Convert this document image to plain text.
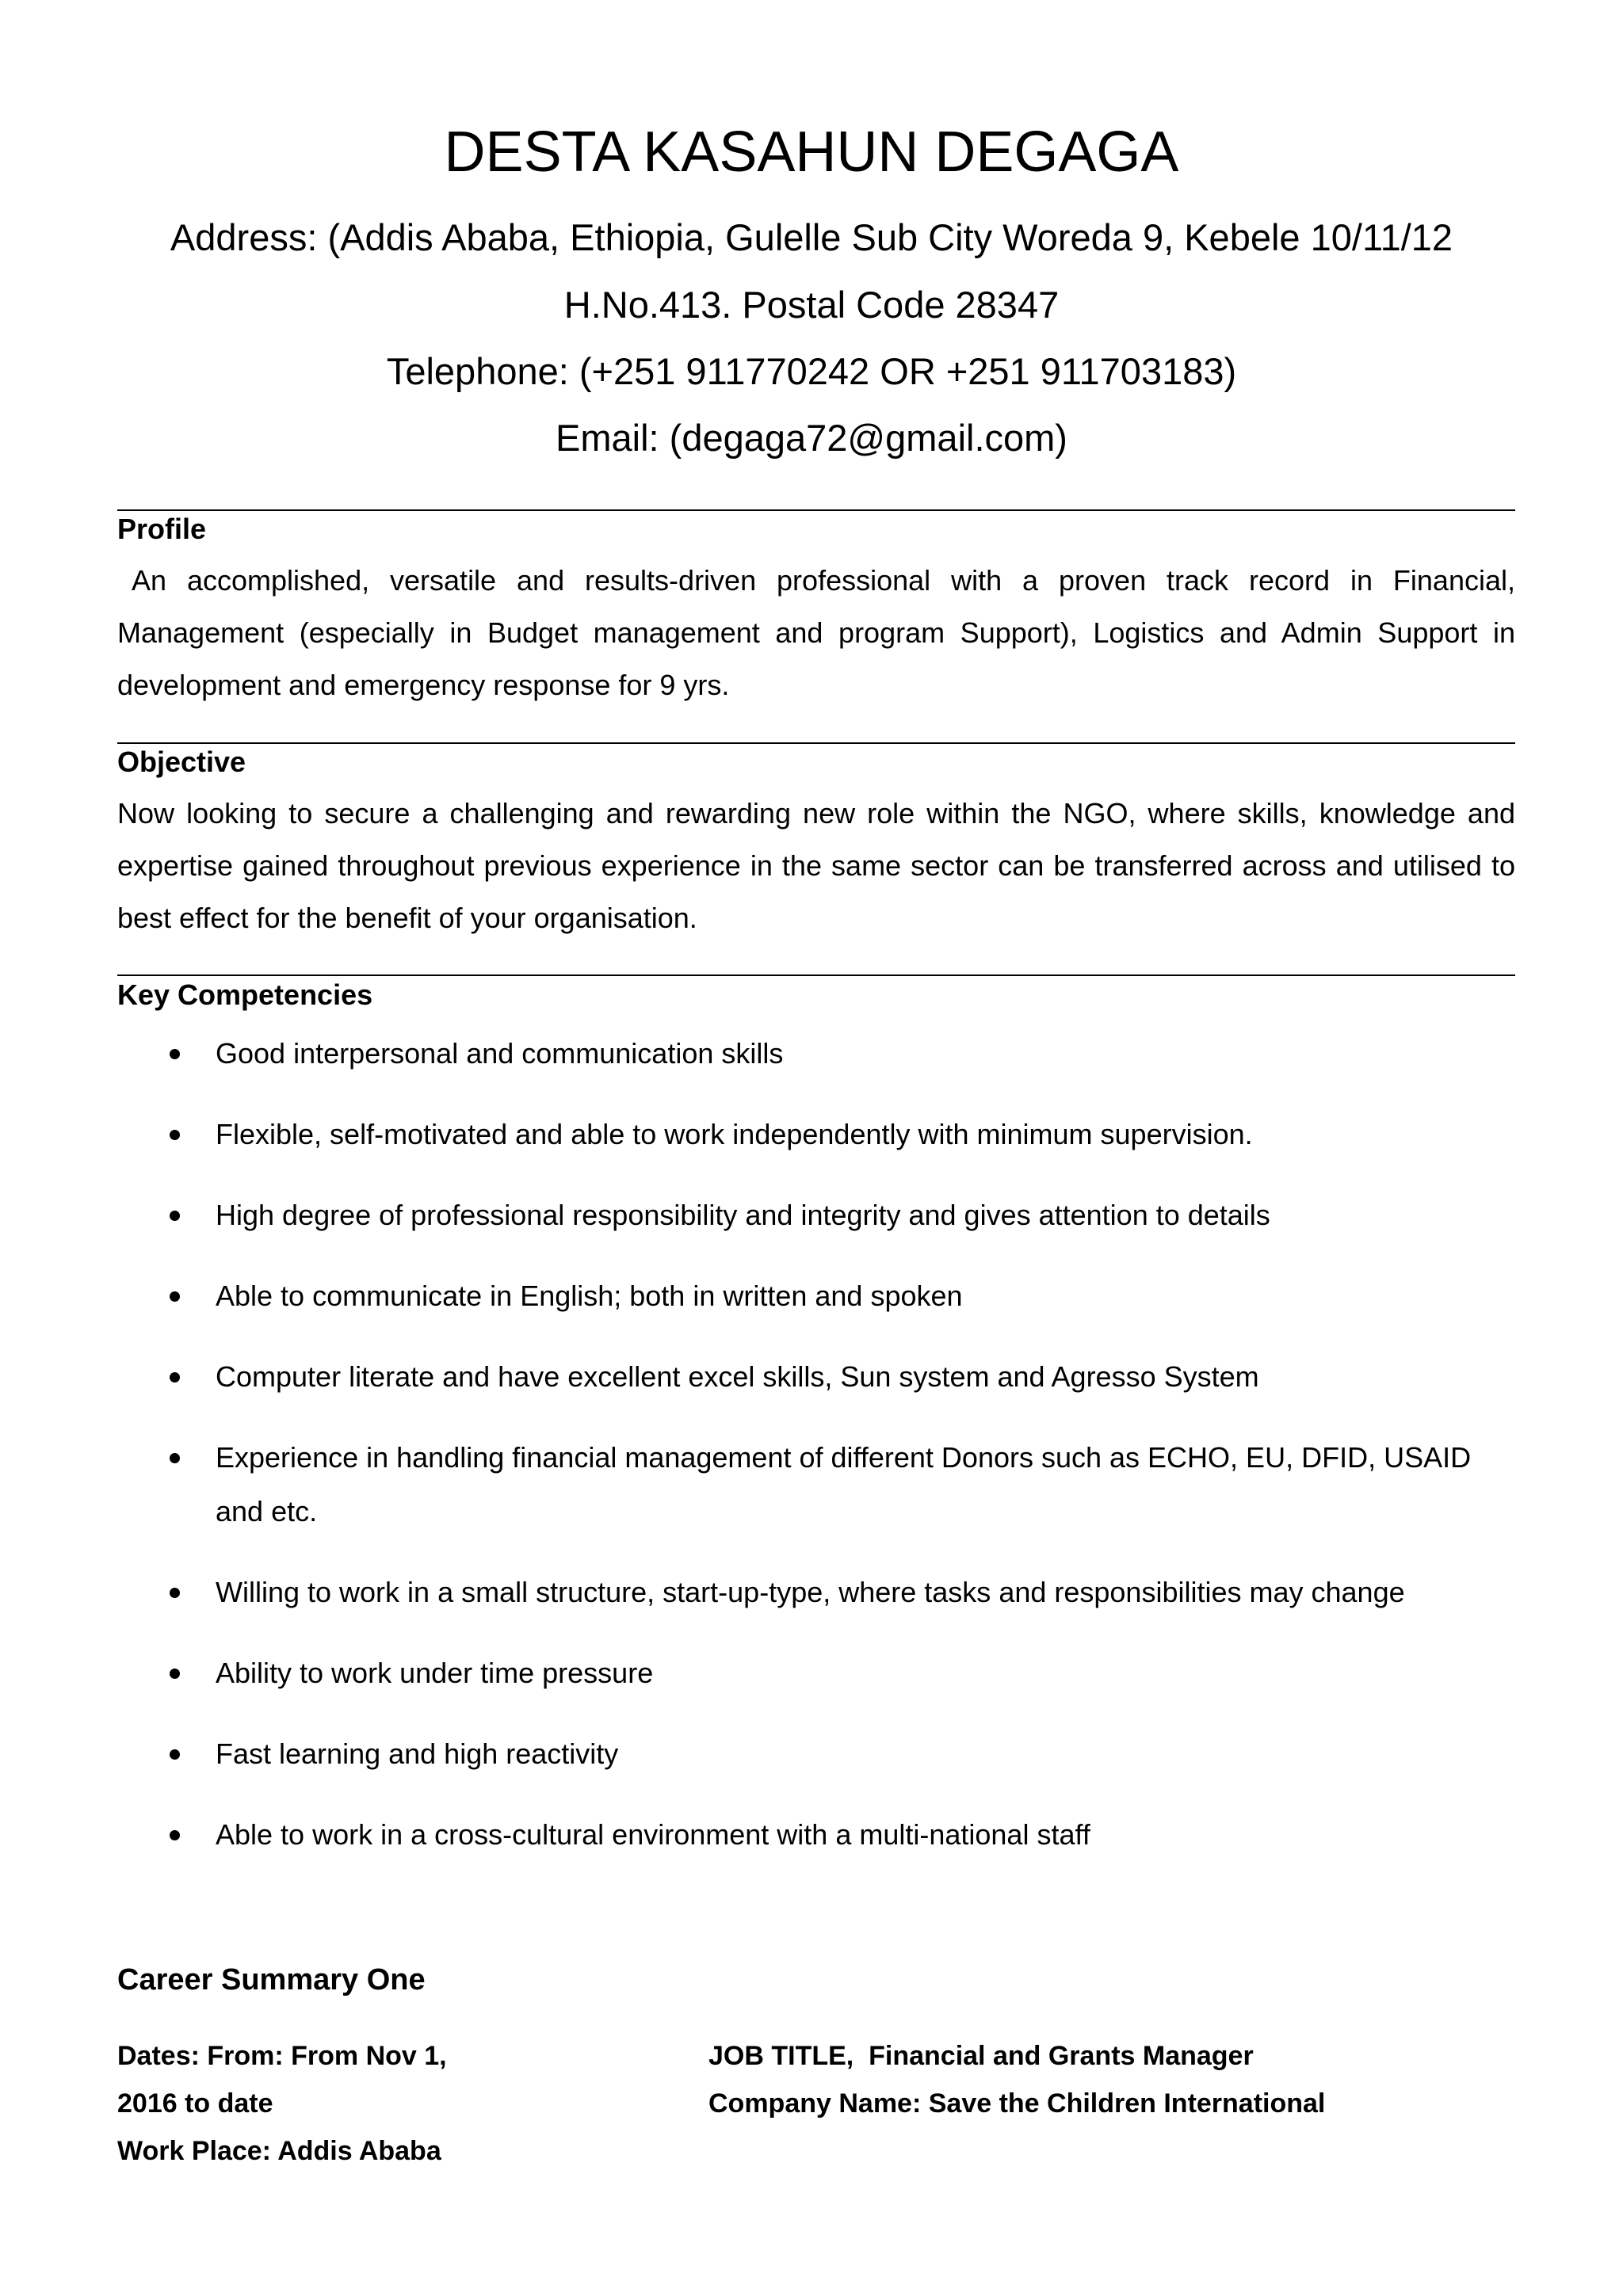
DESTA KASAHUN DEGAGA
Address: (Addis Ababa, Ethiopia, Gulelle Sub City Woreda 9, Kebele 10/11/12
H.No.413. Postal Code 28347
Telephone: (+251 911770242 OR +251 911703183)
Email: (degaga72@gmail.com)
Profile
An accomplished, versatile and results-driven professional with a proven track record in Financial, Management (especially in Budget management and program Support), Logistics and Admin Support in development and emergency response for 9 yrs.
Objective
Now looking to secure a challenging and rewarding new role within the NGO, where skills, knowledge and expertise gained throughout previous experience in the same sector can be transferred across and utilised to best effect for the benefit of your organisation.
Key Competencies
Good interpersonal and communication skills
Flexible, self-motivated and able to work independently with minimum supervision.
High degree of professional responsibility and integrity and gives attention to details
Able to communicate in English; both in written and spoken
Computer literate and have excellent excel skills, Sun system and Agresso System
Experience in handling financial management of different Donors such as ECHO, EU, DFID, USAID and etc.
Willing to work in a small structure, start-up-type, where tasks and responsibilities may change
Ability to work under time pressure
Fast learning and high reactivity
Able to work in a cross-cultural environment with a multi-national staff
Career Summary One
Dates: From: From Nov 1,
2016 to date
Work Place: Addis Ababa
JOB TITLE,  Financial and Grants Manager
Company Name: Save the Children International
